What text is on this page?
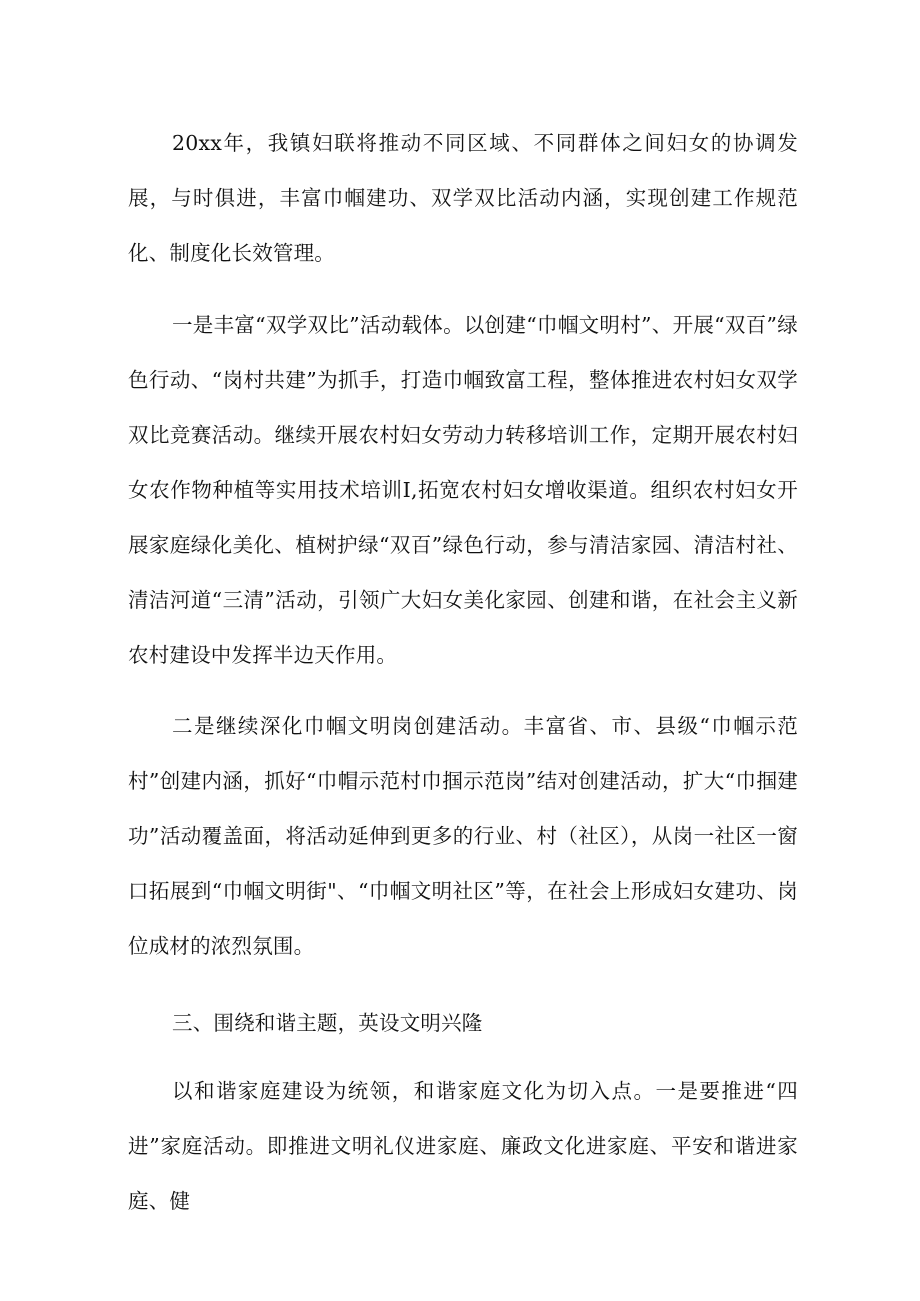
20xx年，我镇妇联将推动不同区域、不同群体之间妇女的协调发展，与时俱进，丰富巾帼建功、双学双比活动内涵，实现创建工作规范化、制度化长效管理。

一是丰富“双学双比”活动载体。以创建“巾帼文明村”、开展“双百”绿色行动、“岗村共建”为抓手，打造巾帼致富工程，整体推进农村妇女双学双比竞赛活动。继续开展农村妇女劳动力转移培训工作，定期开展农村妇女农作物种植等实用技术培训I,拓宽农村妇女增收渠道。组织农村妇女开展家庭绿化美化、植树护绿“双百”绿色行动，参与清洁家园、清洁村社、清洁河道“三清”活动，引领广大妇女美化家园、创建和谐，在社会主义新农村建设中发挥半边天作用。

二是继续深化巾帼文明岗创建活动。丰富省、市、县级“巾帼示范村”创建内涵，抓好“巾帽示范村巾掴示范岗”结对创建活动，扩大“巾掴建功”活动覆盖面，将活动延伸到更多的行业、村（社区），从岗一社区一窗口拓展到“巾帼文明街"、“巾帼文明社区”等，在社会上形成妇女建功、岗位成材的浓烈氛围。

三、围绕和谐主题，英设文明兴隆

以和谐家庭建设为统领，和谐家庭文化为切入点。一是要推进“四进”家庭活动。即推进文明礼仪进家庭、廉政文化进家庭、平安和谐进家庭、健
